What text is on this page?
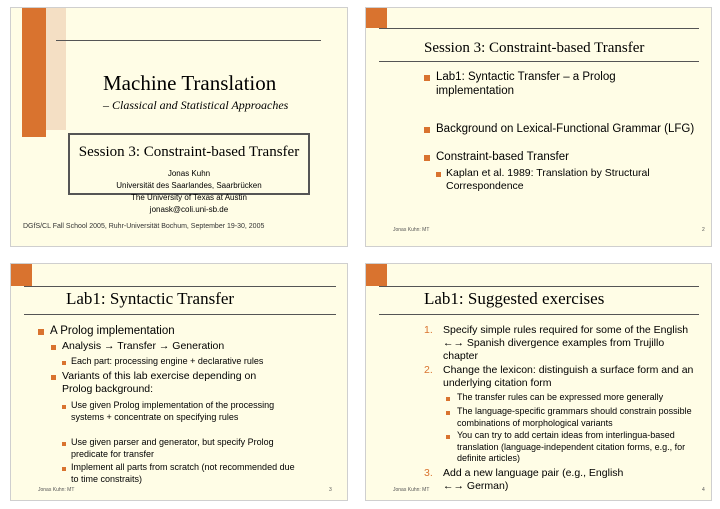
Machine Translation
– Classical and Statistical Approaches
Session 3: Constraint-based Transfer
Jonas Kuhn
Universität des Saarlandes, Saarbrücken
The University of Texas at Austin
jonask@coli.uni-sb.de
DGfS/CL Fall School 2005, Ruhr-Universität Bochum, September 19-30, 2005
Session 3: Constraint-based Transfer
Lab1: Syntactic Transfer – a Prolog implementation
Background on Lexical-Functional Grammar (LFG)
Constraint-based Transfer
Kaplan et al. 1989: Translation by Structural Correspondence
Jonas Kuhn: MT	2
Lab1: Syntactic Transfer
A Prolog implementation
Analysis → Transfer → Generation
Each part: processing engine + declarative rules
Variants of this lab exercise depending on Prolog background:
Use given Prolog implementation of the processing systems + concentrate on specifying rules
Use given parser and generator, but specify Prolog predicate for transfer
Implement all parts from scratch (not recommended due to time constraits)
Jonas Kuhn: MT	3
Lab1: Suggested exercises
1. Specify simple rules required for some of the English ←→ Spanish divergence examples from Trujillo chapter
2. Change the lexicon: distinguish a surface form and an underlying citation form
The transfer rules can be expressed more generally
The language-specific grammars should constrain possible combinations of morphological variants
You can try to add certain ideas from interlingua-based translation (language-independent citation forms, e.g., for definite articles)
3. Add a new language pair (e.g., English ←→ German)
Jonas Kuhn: MT	4
